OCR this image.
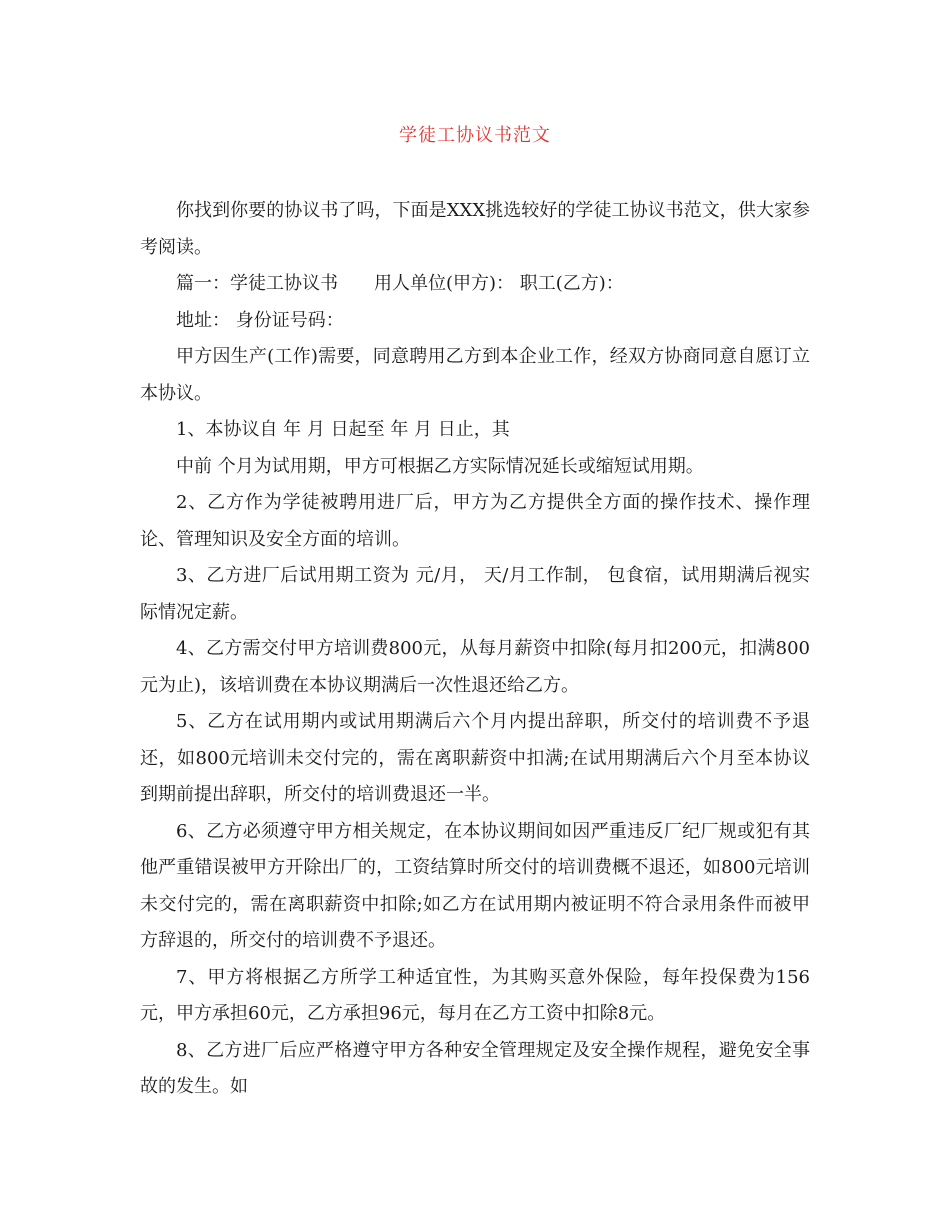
学徒工协议书范文

你找到你要的协议书了吗，下面是XXX挑选较好的学徒工协议书范文，供大家参考阅读。

篇一：学徒工协议书　　用人单位(甲方)： 职工(乙方)：

地址： 身份证号码：

甲方因生产(工作)需要，同意聘用乙方到本企业工作，经双方协商同意自愿订立本协议。

1、本协议自 年 月 日起至 年 月 日止，其

中前 个月为试用期，甲方可根据乙方实际情况延长或缩短试用期。

2、乙方作为学徒被聘用进厂后，甲方为乙方提供全方面的操作技术、操作理论、管理知识及安全方面的培训。

3、乙方进厂后试用期工资为 元/月， 天/月工作制， 包食宿，试用期满后视实际情况定薪。

4、乙方需交付甲方培训费800元，从每月薪资中扣除(每月扣200元，扣满800元为止)，该培训费在本协议期满后一次性退还给乙方。

5、乙方在试用期内或试用期满后六个月内提出辞职，所交付的培训费不予退还，如800元培训未交付完的，需在离职薪资中扣满;在试用期满后六个月至本协议到期前提出辞职，所交付的培训费退还一半。

6、乙方必须遵守甲方相关规定，在本协议期间如因严重违反厂纪厂规或犯有其他严重错误被甲方开除出厂的，工资结算时所交付的培训费概不退还，如800元培训未交付完的，需在离职薪资中扣除;如乙方在试用期内被证明不符合录用条件而被甲方辞退的，所交付的培训费不予退还。

7、甲方将根据乙方所学工种适宜性，为其购买意外保险，每年投保费为156元，甲方承担60元，乙方承担96元，每月在乙方工资中扣除8元。

8、乙方进厂后应严格遵守甲方各种安全管理规定及安全操作规程，避免安全事故的发生。如
